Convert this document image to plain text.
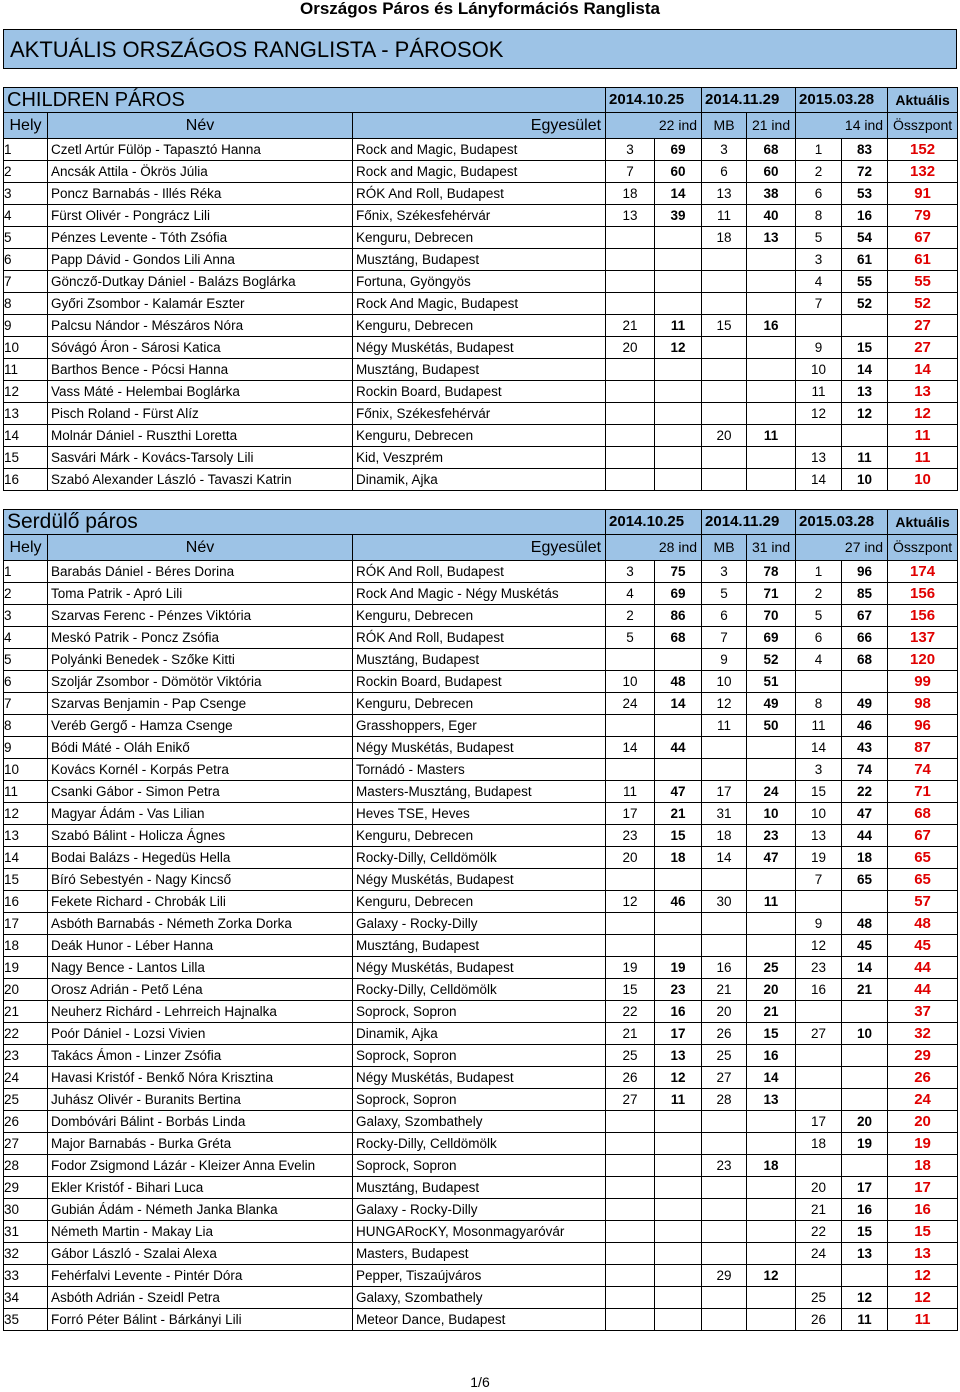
Országos Páros és Lányformációs Ranglista
AKTUÁLIS ORSZÁGOS RANGLISTA - PÁROSOK
CHILDREN PÁROS			2014.10.25		2014.11.29		2015.03.28		Aktuális
Hely	Név	Egyesület	22 ind		MB	21 ind	14 ind		Összpont
1	Czetl Artúr Fülöp - Tapasztó Hanna	Rock and Magic, Budapest	3	69	3	68	1	83	152
2	Ancsák Attila - Ökrös Júlia	Rock and Magic, Budapest	7	60	6	60	2	72	132
3	Poncz Barnabás - Illés Réka	RÓK And Roll, Budapest	18	14	13	38	6	53	91
4	Fürst Olivér - Pongrácz Lili	Főnix, Székesfehérvár	13	39	11	40	8	16	79
5	Pénzes Levente - Tóth Zsófia	Kenguru, Debrecen			18	13	5	54	67
6	Papp Dávid - Gondos Lili Anna	Musztáng, Budapest					3	61	61
7	Göncző-Dutkay Dániel - Balázs Boglárka	Fortuna, Gyöngyös					4	55	55
8	Győri Zsombor - Kalamár Eszter	Rock And Magic, Budapest					7	52	52
9	Palcsu Nándor - Mészáros Nóra	Kenguru, Debrecen	21	11	15	16			27
10	Sóvágó Áron - Sárosi Katica	Négy Muskétás, Budapest	20	12			9	15	27
11	Barthos Bence - Pócsi Hanna	Musztáng, Budapest					10	14	14
12	Vass Máté - Helembai Boglárka	Rockin Board, Budapest					11	13	13
13	Pisch Roland - Fürst Alíz	Főnix, Székesfehérvár					12	12	12
14	Molnár Dániel - Ruszthi Loretta	Kenguru, Debrecen			20	11			11
15	Sasvári Márk - Kovács-Tarsoly Lili	Kid, Veszprém					13	11	11
16	Szabó Alexander László - Tavaszi Katrin	Dinamik, Ajka					14	10	10
Serdülő páros			2014.10.25		2014.11.29		2015.03.28		Aktuális
Hely	Név	Egyesület	28 ind		MB	31 ind	27 ind		Összpont
1	Barabás Dániel - Béres Dorina	RÓK And Roll, Budapest	3	75	3	78	1	96	174
2	Toma Patrik - Apró Lili	Rock And Magic - Négy Muskétás	4	69	5	71	2	85	156
3	Szarvas Ferenc - Pénzes Viktória	Kenguru, Debrecen	2	86	6	70	5	67	156
4	Meskó Patrik - Poncz Zsófia	RÓK And Roll, Budapest	5	68	7	69	6	66	137
5	Polyánki Benedek - Szőke Kitti	Musztáng, Budapest			9	52	4	68	120
6	Szoljár Zsombor - Dömötör Viktória	Rockin Board, Budapest	10	48	10	51			99
7	Szarvas Benjamin - Pap Csenge	Kenguru, Debrecen	24	14	12	49	8	49	98
8	Veréb Gergő - Hamza Csenge	Grasshoppers, Eger			11	50	11	46	96
9	Bódi Máté - Oláh Enikő	Négy Muskétás, Budapest	14	44			14	43	87
10	Kovács Kornél - Korpás Petra	Tornádó - Masters					3	74	74
11	Csanki Gábor - Simon Petra	Masters-Musztáng, Budapest	11	47	17	24	15	22	71
12	Magyar Ádám - Vas Lilian	Heves TSE, Heves	17	21	31	10	10	47	68
13	Szabó Bálint - Holicza Ágnes	Kenguru, Debrecen	23	15	18	23	13	44	67
14	Bodai Balázs - Hegedüs Hella	Rocky-Dilly, Celldömölk	20	18	14	47	19	18	65
15	Bíró Sebestyén - Nagy Kincső	Négy Muskétás, Budapest					7	65	65
16	Fekete Richard - Chrobák Lili	Kenguru, Debrecen	12	46	30	11			57
17	Asbóth Barnabás - Németh Zorka Dorka	Galaxy - Rocky-Dilly					9	48	48
18	Deák Hunor - Léber Hanna	Musztáng, Budapest					12	45	45
19	Nagy Bence - Lantos Lilla	Négy Muskétás, Budapest	19	19	16	25	23	14	44
20	Orosz Adrián - Pető Léna	Rocky-Dilly, Celldömölk	15	23	21	20	16	21	44
21	Neuherz Richárd - Lehrreich Hajnalka	Soprock, Sopron	22	16	20	21			37
22	Poór Dániel - Lozsi Vivien	Dinamik, Ajka	21	17	26	15	27	10	32
23	Takács Ámon - Linzer Zsófia	Soprock, Sopron	25	13	25	16			29
24	Havasi Kristóf - Benkő Nóra Krisztina	Négy Muskétás, Budapest	26	12	27	14			26
25	Juhász Olivér - Buranits Bertina	Soprock, Sopron	27	11	28	13			24
26	Dombóvári Bálint - Borbás Linda	Galaxy, Szombathely					17	20	20
27	Major Barnabás - Burka Gréta	Rocky-Dilly, Celldömölk					18	19	19
28	Fodor Zsigmond Lázár - Kleizer Anna Evelin	Soprock, Sopron			23	18			18
29	Ekler Kristóf - Bihari Luca	Musztáng, Budapest					20	17	17
30	Gubián Ádám - Németh Janka Blanka	Galaxy - Rocky-Dilly					21	16	16
31	Németh Martin - Makay Lia	HUNGARocKY, Mosonmagyaróvár					22	15	15
32	Gábor László - Szalai Alexa	Masters, Budapest					24	13	13
33	Fehérfalvi Levente - Pintér Dóra	Pepper, Tiszaújváros			29	12			12
34	Asbóth Adrián - Szeidl Petra	Galaxy, Szombathely					25	12	12
35	Forró Péter Bálint - Bárkányi Lili	Meteor Dance, Budapest					26	11	11
1/6
